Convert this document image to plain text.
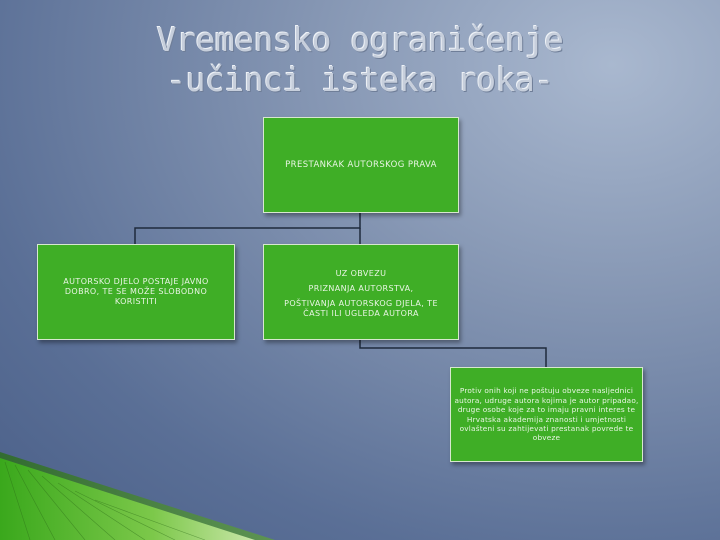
Vremensko ograničenje
-učinci isteka roka-
PRESTANKAK AUTORSKOG PRAVA
AUTORSKO DJELO POSTAJE JAVNO DOBRO, TE SE MOŽE SLOBODNO KORISTITI
UZ OBVEZU
PRIZNANJA AUTORSTVA,
POŠTIVANJA AUTORSKOG DJELA, TE ČASTI ILI UGLEDA AUTORA
Protiv onih koji ne poštuju obveze nasljednici autora, udruge autora kojima je autor pripadao, druge osobe koje za to imaju pravni interes te Hrvatska akademija znanosti i umjetnosti ovlašteni su zahtijevati prestanak povrede te obveze
